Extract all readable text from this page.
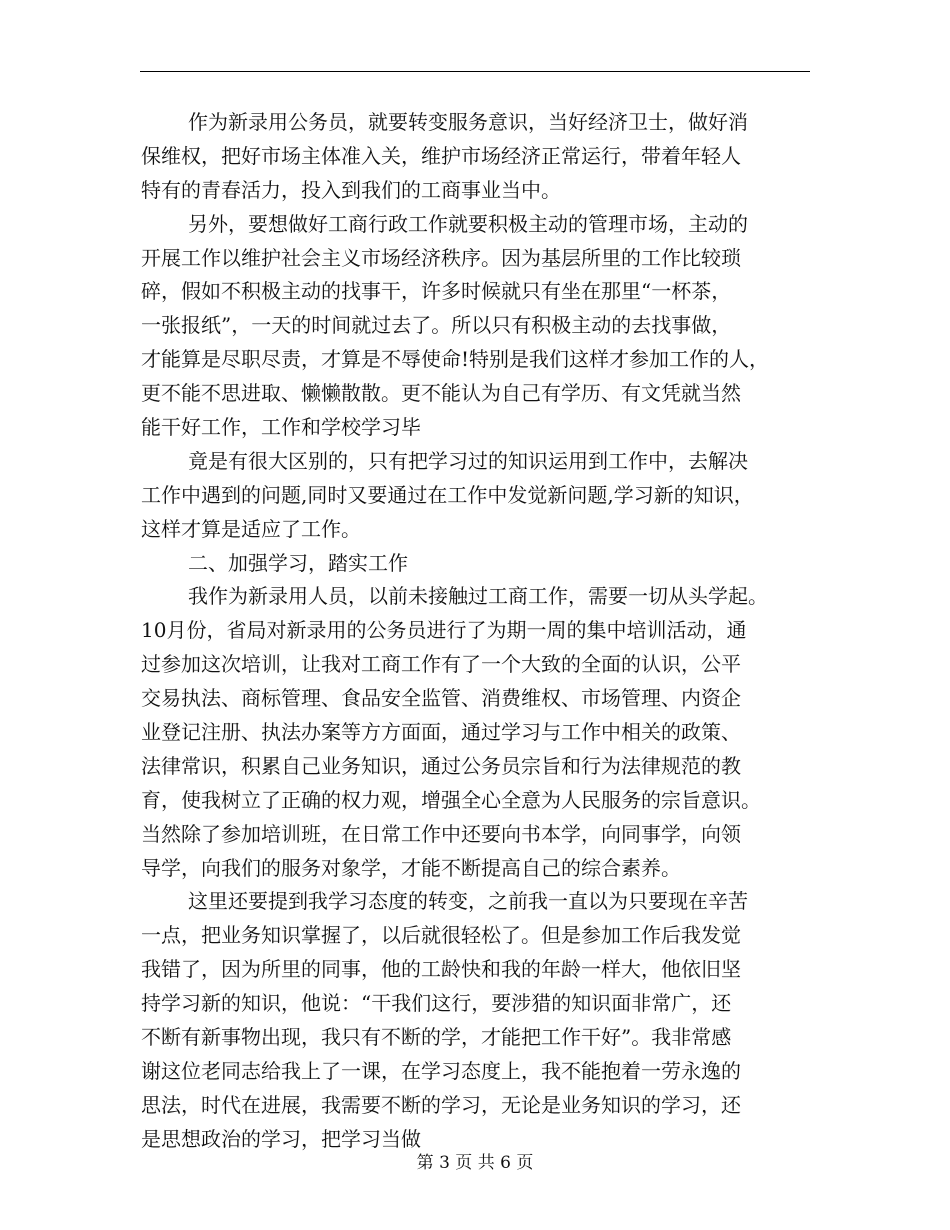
作为新录用公务员，就要转变服务意识，当好经济卫士，做好消
保维权，把好市场主体准入关，维护市场经济正常运行，带着年轻人
特有的青春活力，投入到我们的工商事业当中。
另外，要想做好工商行政工作就要积极主动的管理市场，主动的
开展工作以维护社会主义市场经济秩序。因为基层所里的工作比较琐
碎，假如不积极主动的找事干，许多时候就只有坐在那里“一杯茶，
一张报纸”，一天的时间就过去了。所以只有积极主动的去找事做，
才能算是尽职尽责，才算是不辱使命!特别是我们这样才参加工作的人，
更不能不思进取、懒懒散散。更不能认为自己有学历、有文凭就当然
能干好工作，工作和学校学习毕
竟是有很大区别的，只有把学习过的知识运用到工作中，去解决
工作中遇到的问题,同时又要通过在工作中发觉新问题,学习新的知识，
这样才算是适应了工作。
二、加强学习，踏实工作
我作为新录用人员，以前未接触过工商工作，需要一切从头学起。
10月份，省局对新录用的公务员进行了为期一周的集中培训活动，通
过参加这次培训，让我对工商工作有了一个大致的全面的认识，公平
交易执法、商标管理、食品安全监管、消费维权、市场管理、内资企
业登记注册、执法办案等方方面面，通过学习与工作中相关的政策、
法律常识，积累自己业务知识，通过公务员宗旨和行为法律规范的教
育，使我树立了正确的权力观，增强全心全意为人民服务的宗旨意识。
当然除了参加培训班，在日常工作中还要向书本学，向同事学，向领
导学，向我们的服务对象学，才能不断提高自己的综合素养。
这里还要提到我学习态度的转变，之前我一直以为只要现在辛苦
一点，把业务知识掌握了，以后就很轻松了。但是参加工作后我发觉
我错了，因为所里的同事，他的工龄快和我的年龄一样大，他依旧坚
持学习新的知识，他说：“干我们这行，要涉猎的知识面非常广，还
不断有新事物出现，我只有不断的学，才能把工作干好”。我非常感
谢这位老同志给我上了一课，在学习态度上，我不能抱着一劳永逸的
思法，时代在进展，我需要不断的学习，无论是业务知识的学习，还
是思想政治的学习，把学习当做
第 3 页 共 6 页
